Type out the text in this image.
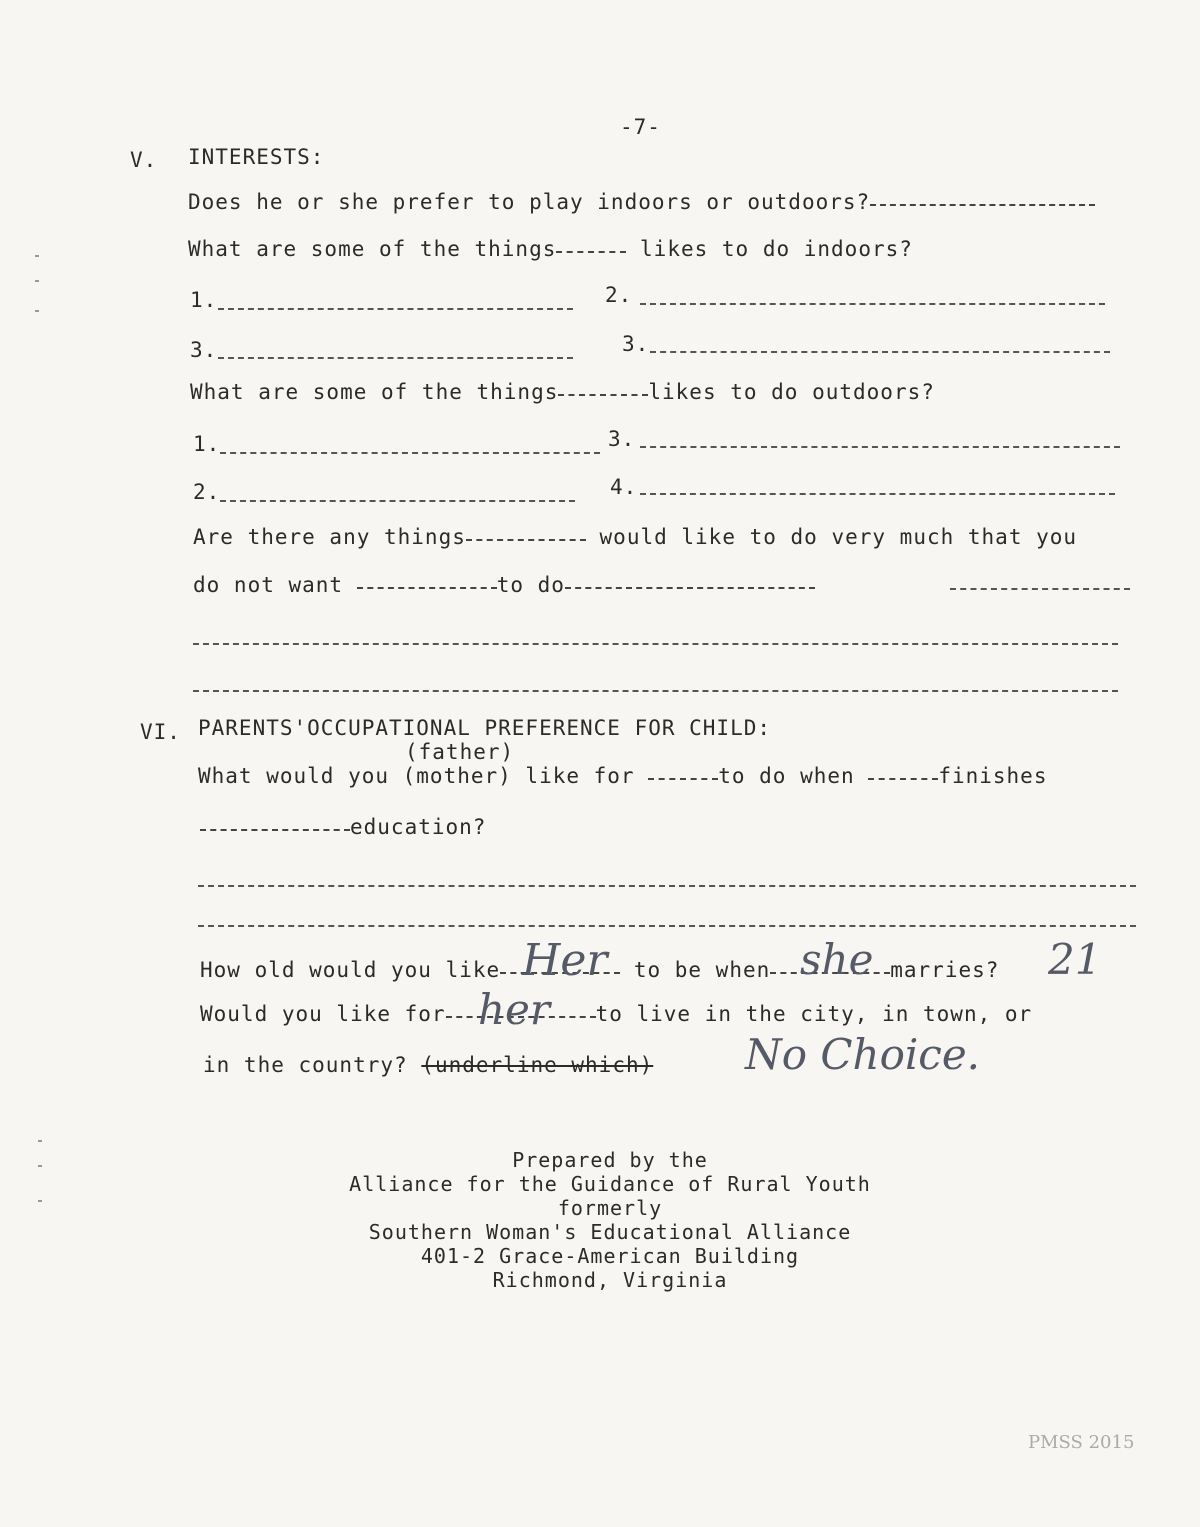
-7-
V. INTERESTS:
Does he or she prefer to play indoors or outdoors?
What are some of the things	likes to do indoors?
1.	2.
3.	3.
What are some of the things	likes to do outdoors?
1.	3.
2.	4.
Are there any things	would like to do very much that you
do not want	to do
VI. PARENTS'OCCUPATIONAL PREFERENCE FOR CHILD:
(father)
What would you (mother) like for	to do when	finishes
education?
How old would you like	to be when	marries?
Her	she	21
Would you like for	to live in the city, in town, or
her
in the country? (underline which) No Choice.
Prepared by the
Alliance for the Guidance of Rural Youth
formerly
Southern Woman's Educational Alliance
401-2 Grace-American Building
Richmond, Virginia
PMSS 2015
